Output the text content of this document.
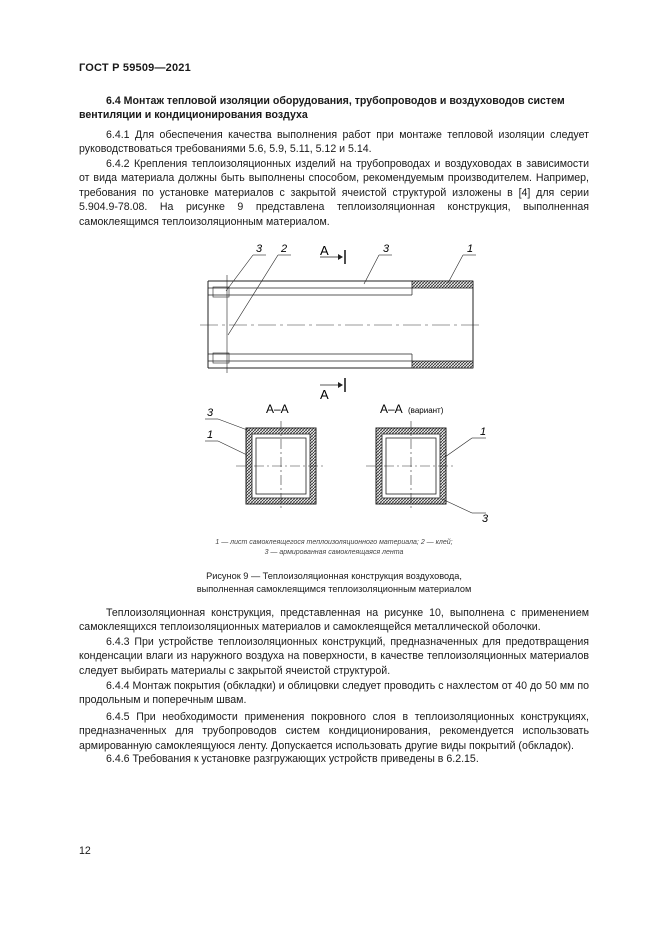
ГОСТ Р 59509—2021
6.4 Монтаж тепловой изоляции оборудования, трубопроводов и воздуховодов систем вентиляции и кондиционирования воздуха
6.4.1 Для обеспечения качества выполнения работ при монтаже тепловой изоляции следует руководствоваться требованиями 5.6, 5.9, 5.11, 5.12 и 5.14.
6.4.2 Крепления теплоизоляционных изделий на трубопроводах и воздуховодах в зависимости от вида материала должны быть выполнены способом, рекомендуемым производителем. Например, требования по установке материалов с закрытой ячеистой структурой изложены в [4] для серии 5.904.9-78.08. На рисунке 9 представлена теплоизоляционная конструкция, выполненная самоклеящимся теплоизоляционным материалом.
А
А
3 2	3	1
А–А
3
1
А–А (вариант)
1
3
1 — лист самоклеящегося теплоизоляционного материала; 2 — клей;
3 — армированная самоклеящаяся лента
Рисунок 9 — Теплоизоляционная конструкция воздуховода,
выполненная самоклеящимся теплоизоляционным материалом
Теплоизоляционная конструкция, представленная на рисунке 10, выполнена с применением самоклеящихся теплоизоляционных материалов и самоклеящейся металлической оболочки.
6.4.3 При устройстве теплоизоляционных конструкций, предназначенных для предотвращения конденсации влаги из наружного воздуха на поверхности, в качестве теплоизоляционных материалов следует выбирать материалы с закрытой ячеистой структурой.
6.4.4 Монтаж покрытия (обкладки) и облицовки следует проводить с нахлестом от 40 до 50 мм по продольным и поперечным швам.
6.4.5 При необходимости применения покровного слоя в теплоизоляционных конструкциях, предназначенных для трубопроводов систем кондиционирования, рекомендуется использовать армированную самоклеящуюся ленту. Допускается использовать другие виды покрытий (обкладок).
6.4.6 Требования к установке разгружающих устройств приведены в 6.2.15.
12
